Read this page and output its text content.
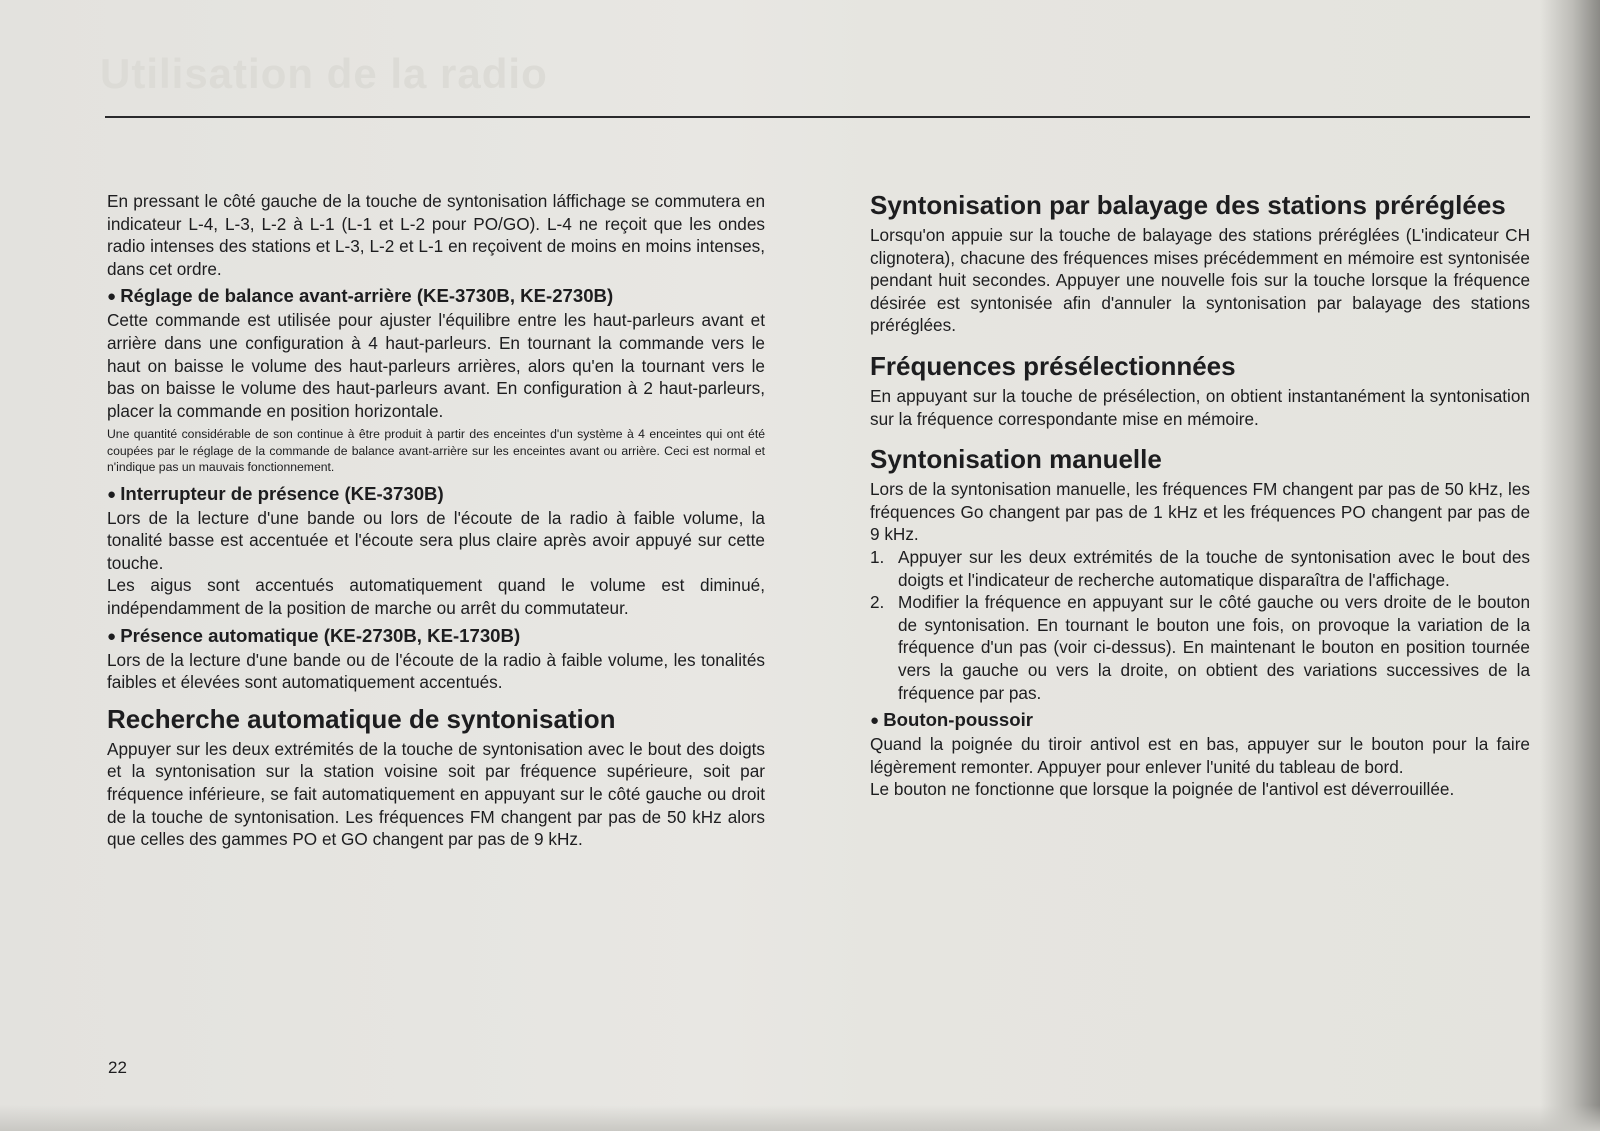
Utilisation de la radio

En pressant le côté gauche de la touche de syntonisation láffichage se commutera en indicateur L-4, L-3, L-2 à L-1 (L-1 et L-2 pour PO/GO). L-4 ne reçoit que les ondes radio intenses des stations et L-3, L-2 et L-1 en reçoivent de moins en moins intenses, dans cet ordre.

● Réglage de balance avant-arrière (KE-3730B, KE-2730B)

Cette commande est utilisée pour ajuster l'équilibre entre les haut-parleurs avant et arrière dans une configuration à 4 haut-parleurs. En tournant la commande vers le haut on baisse le volume des haut-parleurs arrières, alors qu'en la tournant vers le bas on baisse le volume des haut-parleurs avant. En configuration à 2 haut-parleurs, placer la commande en position horizontale.

Une quantité considérable de son continue à être produit à partir des enceintes d'un système à 4 enceintes qui ont été coupées par le réglage de la commande de balance avant-arrière sur les enceintes avant ou arrière. Ceci est normal et n'indique pas un mauvais fonctionnement.

● Interrupteur de présence (KE-3730B)

Lors de la lecture d'une bande ou lors de l'écoute de la radio à faible volume, la tonalité basse est accentuée et l'écoute sera plus claire après avoir appuyé sur cette touche.

Les aigus sont accentués automatiquement quand le volume est diminué, indépendamment de la position de marche ou arrêt du commutateur.

● Présence automatique (KE-2730B, KE-1730B)

Lors de la lecture d'une bande ou de l'écoute de la radio à faible volume, les tonalités faibles et élevées sont automatiquement accentués.

Recherche automatique de syntonisation

Appuyer sur les deux extrémités de la touche de syntonisation avec le bout des doigts et la syntonisation sur la station voisine soit par fréquence supérieure, soit par fréquence inférieure, se fait automatiquement en appuyant sur le côté gauche ou droit de la touche de syntonisation. Les fréquences FM changent par pas de 50 kHz alors que celles des gammes PO et GO changent par pas de 9 kHz.

Syntonisation par balayage des stations préréglées

Lorsqu'on appuie sur la touche de balayage des stations préréglées (L'indicateur CH clignotera), chacune des fréquences mises précédemment en mémoire est syntonisée pendant huit secondes. Appuyer une nouvelle fois sur la touche lorsque la fréquence désirée est syntonisée afin d'annuler la syntonisation par balayage des stations préréglées.

Fréquences présélectionnées

En appuyant sur la touche de présélection, on obtient instantanément la syntonisation sur la fréquence correspondante mise en mémoire.

Syntonisation manuelle

Lors de la syntonisation manuelle, les fréquences FM changent par pas de 50 kHz, les fréquences Go changent par pas de 1 kHz et les fréquences PO changent par pas de 9 kHz.

1. Appuyer sur les deux extrémités de la touche de syntonisation avec le bout des doigts et l'indicateur de recherche automatique disparaîtra de l'affichage.

2. Modifier la fréquence en appuyant sur le côté gauche ou vers droite de le bouton de syntonisation. En tournant le bouton une fois, on provoque la variation de la fréquence d'un pas (voir ci-dessus). En maintenant le bouton en position tournée vers la gauche ou vers la droite, on obtient des variations successives de la fréquence par pas.

● Bouton-poussoir

Quand la poignée du tiroir antivol est en bas, appuyer sur le bouton pour la faire légèrement remonter. Appuyer pour enlever l'unité du tableau de bord.

Le bouton ne fonctionne que lorsque la poignée de l'antivol est déverrouillée.

22
